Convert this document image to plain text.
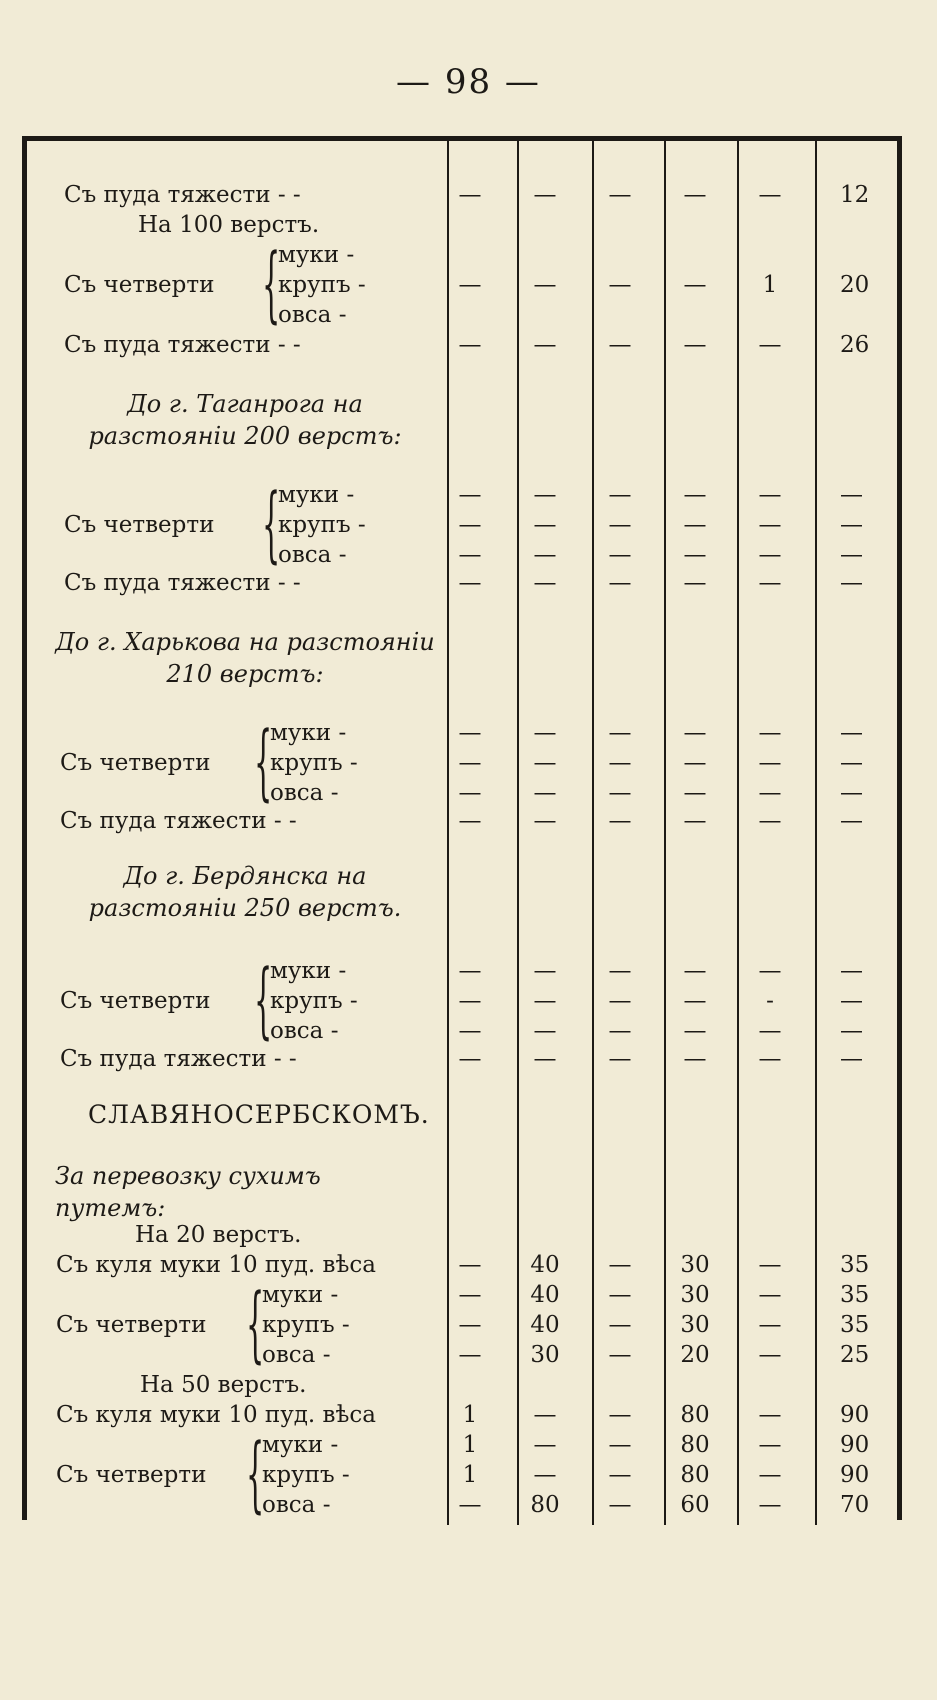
— 98 —
Съ пуда тяжести - -	—	—	—	—	—	12
На 100 верстъ.
Съ четверти {
муки -
крупъ -	—	—	—	—	1	20
овса -
Съ пуда тяжести - -	—	—	—	—	—	26
До г. Таганрога на разстоянiи 200 верстъ:
Съ четверти {
муки -	—	—	—	—	—	—
крупъ -	—	—	—	—	—	—
овса -	—	—	—	—	—	—
Съ пуда тяжести - -	—	—	—	—	—	—
До г. Харькова на разстоянiи 210 верстъ:
Съ четверти {
муки -	—	—	—	—	—	—
крупъ -	—	—	—	—	—	—
овса -	—	—	—	—	—	—
Съ пуда тяжести - -	—	—	—	—	—	—
До г. Бердянска на разстоянiи 250 верстъ.
Съ четверти {
муки -	—	—	—	—	—	—
крупъ -	—	—	—	—	-	—
овса -	—	—	—	—	—	—
Съ пуда тяжести - -	—	—	—	—	—	—
СЛАВЯНОСЕРБСКОМЪ.
За перевозку сухимъ путемъ:
На 20 верстъ.
Съ куля муки 10 пуд. вѣса	—	40	—	30	—	35
Съ четверти {
муки -	—	40	—	30	—	35
крупъ -	—	40	—	30	—	35
овса -	—	30	—	20	—	25
На 50 верстъ.
Съ куля муки 10 пуд. вѣса	1	—	—	80	—	90
Съ четверти {
муки -	1	—	—	80	—	90
крупъ -	1	—	—	80	—	90
овса -	—	80	—	60	—	70
